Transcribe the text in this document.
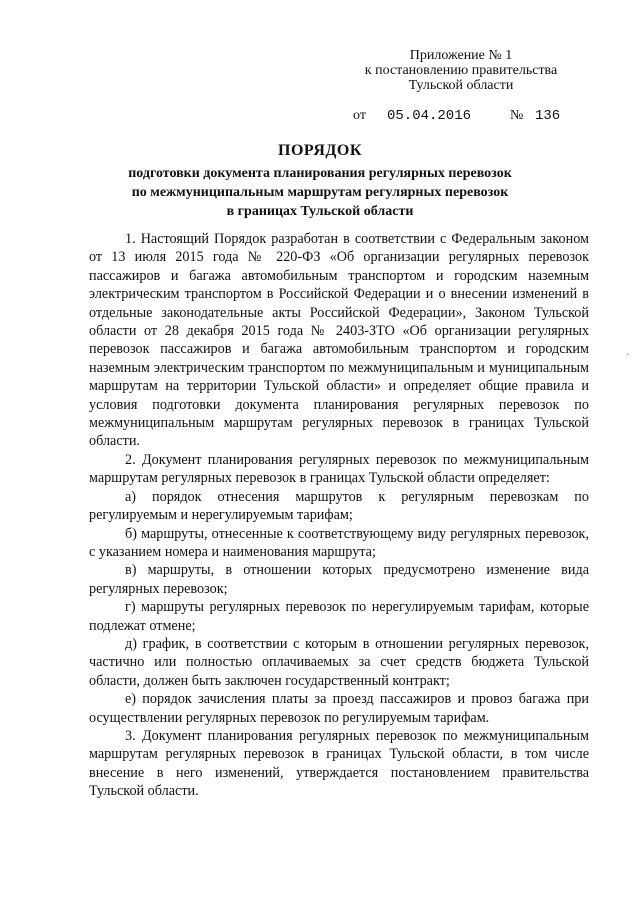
Приложение № 1
к постановлению правительства
Тульской области
от 05.04.2016	№ 136
ПОРЯДОК
подготовки документа планирования регулярных перевозок
по межмуниципальным маршрутам регулярных перевозок
в границах Тульской области

1. Настоящий Порядок разработан в соответствии с Федеральным законом от 13 июля 2015 года № 220-ФЗ «Об организации регулярных перевозок пассажиров и багажа автомобильным транспортом и городским наземным электрическим транспортом в Российской Федерации и о внесении изменений в отдельные законодательные акты Российской Федерации», Законом Тульской области от 28 декабря 2015 года № 2403-ЗТО «Об организации регулярных перевозок пассажиров и багажа автомобильным транспортом и городским наземным электрическим транспортом по межмуниципальным и муниципальным маршрутам на территории Тульской области» и определяет общие правила и условия подготовки документа планирования регулярных перевозок по межмуниципальным маршрутам регулярных перевозок в границах Тульской области.

2. Документ планирования регулярных перевозок по межмуниципальным маршрутам регулярных перевозок в границах Тульской области определяет:

а) порядок отнесения маршрутов к регулярным перевозкам по регулируемым и нерегулируемым тарифам;

б) маршруты, отнесенные к соответствующему виду регулярных перевозок, с указанием номера и наименования маршрута;

в) маршруты, в отношении которых предусмотрено изменение вида регулярных перевозок;

г) маршруты регулярных перевозок по нерегулируемым тарифам, которые подлежат отмене;

д) график, в соответствии с которым в отношении регулярных перевозок, частично или полностью оплачиваемых за счет средств бюджета Тульской области, должен быть заключен государственный контракт;

е) порядок зачисления платы за проезд пассажиров и провоз багажа при осуществлении регулярных перевозок по регулируемым тарифам.

3. Документ планирования регулярных перевозок по межмуниципальным маршрутам регулярных перевозок в границах Тульской области, в том числе внесение в него изменений, утверждается постановлением правительства Тульской области.

·
